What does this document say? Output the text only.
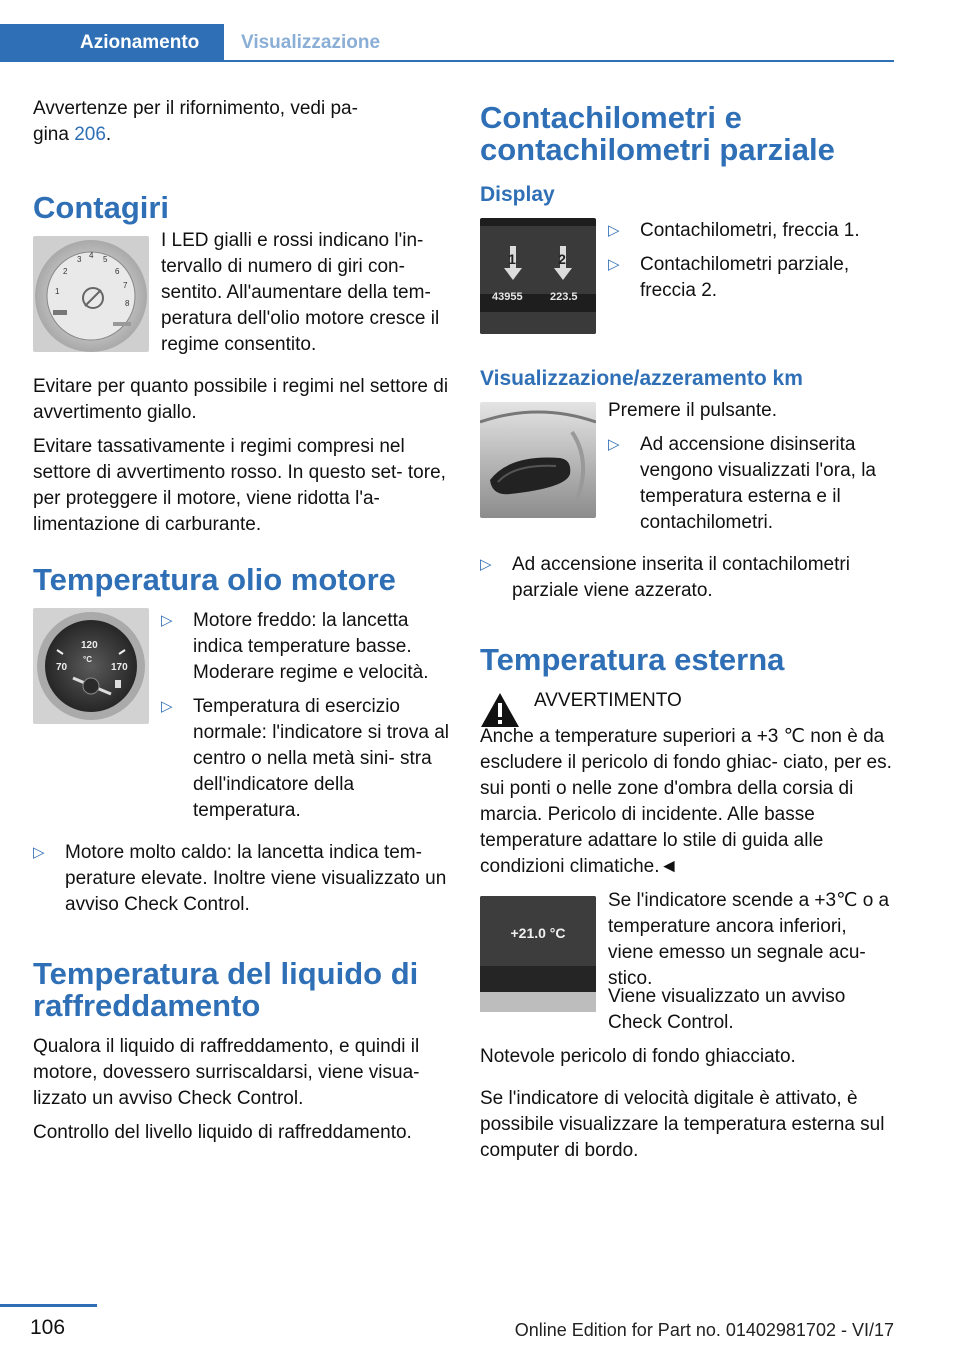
Azionamento	Visualizzazione

Avvertenze per il rifornimento, vedi pa-
gina 206.

Contagiri
1
2
3 4 5
6
7
8

I LED gialli e rossi indicano l'in- tervallo di numero di giri con- sentito. All'aumentare della tem- peratura dell'olio motore cresce il regime consentito.

Evitare per quanto possibile i regimi nel settore di avvertimento giallo.

Evitare tassativamente i regimi compresi nel settore di avvertimento rosso. In questo set- tore, per proteggere il motore, viene ridotta l'a- limentazione di carburante.

Temperatura olio motore
70
120
°C
170
▷ Motore freddo: la lancetta indica temperature basse. Moderare regime e velocità.
▷ Temperatura di esercizio normale: l'indicatore si trova al centro o nella metà sini- stra dell'indicatore della temperatura.
▷ Motore molto caldo: la lancetta indica tem- perature elevate. Inoltre viene visualizzato un avviso Check Control.
Temperatura del liquido di raffreddamento

Qualora il liquido di raffreddamento, e quindi il motore, dovessero surriscaldarsi, viene visua- lizzato un avviso Check Control.

Controllo del livello liquido di raffreddamento.

Contachilometri e contachilometri parziale
Display
1	2
43955 223.5
▷ Contachilometri, freccia 1.
▷ Contachilometri parziale, freccia 2.
Visualizzazione/azzeramento km

Premere il pulsante.

▷ Ad accensione disinserita vengono visualizzati l'ora, la temperatura esterna e il contachilometri.
▷ Ad accensione inserita il contachilometri parziale viene azzerato.
Temperatura esterna

AVVERTIMENTO

Anche a temperature superiori a +3 ℃ non è da escludere il pericolo di fondo ghiac- ciato, per es. sui ponti o nelle zone d'ombra della corsia di marcia. Pericolo di incidente. Alle basse temperature adattare lo stile di guida alle condizioni climatiche.◄

+21.0 °C

Se l'indicatore scende a +3℃ o a temperature ancora inferiori, viene emesso un segnale acu- stico.

Viene visualizzato un avviso Check Control.

Notevole pericolo di fondo ghiacciato.

Se l'indicatore di velocità digitale è attivato, è possibile visualizzare la temperatura esterna sul computer di bordo.

106	Online Edition for Part no. 01402981702 - VI/17
